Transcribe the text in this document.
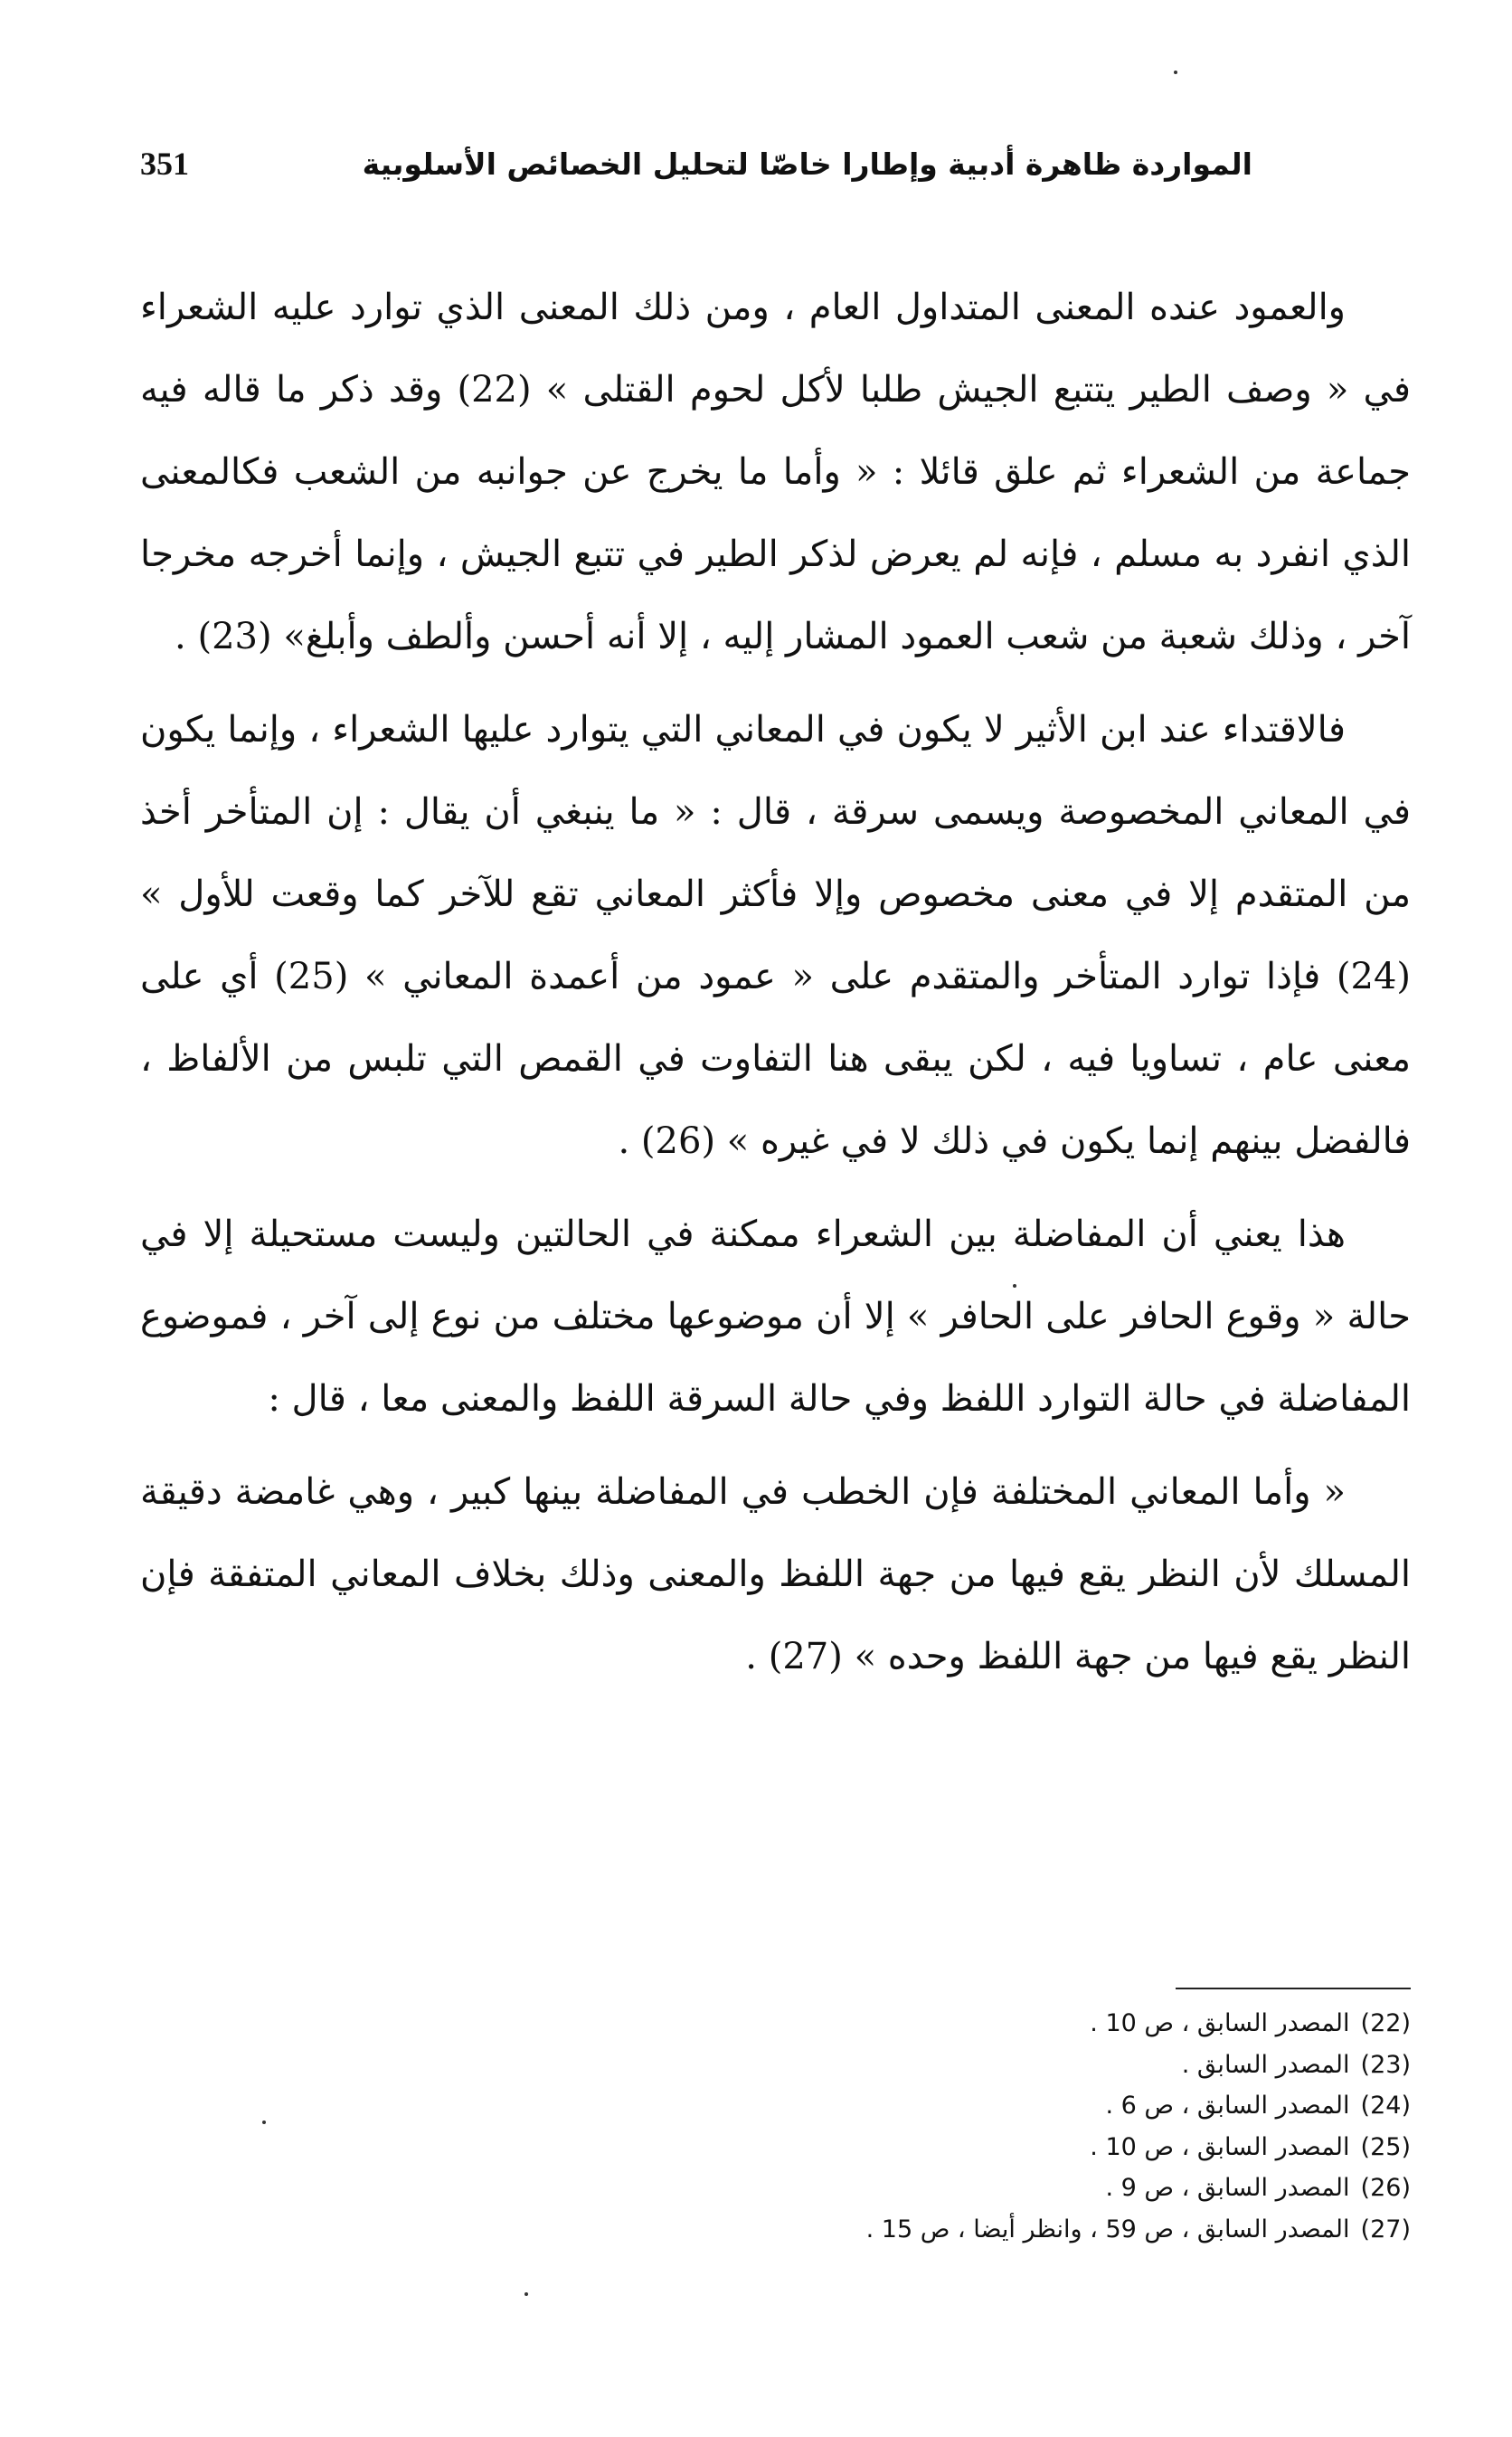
المواردة ظاهرة أدبية وإطارا خاصّا لتحليل الخصائص الأسلوبية
351

والعمود عنده المعنى المتداول العام ، ومن ذلك المعنى الذي توارد عليه الشعراء في « وصف الطير يتتبع الجيش طلبا لأكل لحوم القتلى » (22) وقد ذكر ما قاله فيه جماعة من الشعراء ثم علق قائلا : « وأما ما يخرج عن جوانبه من الشعب فكالمعنى الذي انفرد به مسلم ، فإنه لم يعرض لذكر الطير في تتبع الجيش ، وإنما أخرجه مخرجا آخر ، وذلك شعبة من شعب العمود المشار إليه ، إلا أنه أحسن وألطف وأبلغ» (23) .

فالاقتداء عند ابن الأثير لا يكون في المعاني التي يتوارد عليها الشعراء ، وإنما يكون في المعاني المخصوصة ويسمى سرقة ، قال : « ما ينبغي أن يقال : إن المتأخر أخذ من المتقدم إلا في معنى مخصوص وإلا فأكثر المعاني تقع للآخر كما وقعت للأول » (24) فإذا توارد المتأخر والمتقدم على « عمود من أعمدة المعاني » (25) أي على معنى عام ، تساويا فيه ، لكن يبقى هنا التفاوت في القمص التي تلبس من الألفاظ ، فالفضل بينهم إنما يكون في ذلك لا في غيره » (26) .

هذا يعني أن المفاضلة بين الشعراء ممكنة في الحالتين وليست مستحيلة إلا في حالة « وقوع الحافر على الحافر » إلا أن موضوعها مختلف من نوع إلى آخر ، فموضوع المفاضلة في حالة التوارد اللفظ وفي حالة السرقة اللفظ والمعنى معا ، قال :

« وأما المعاني المختلفة فإن الخطب في المفاضلة بينها كبير ، وهي غامضة دقيقة المسلك لأن النظر يقع فيها من جهة اللفظ والمعنى وذلك بخلاف المعاني المتفقة فإن النظر يقع فيها من جهة اللفظ وحده » (27) .

(22)المصدر السابق ، ص 10 .
(23)المصدر السابق .
(24)المصدر السابق ، ص 6 .
(25)المصدر السابق ، ص 10 .
(26)المصدر السابق ، ص 9 .
(27)المصدر السابق ، ص 59 ، وانظر أيضا ، ص 15 .
